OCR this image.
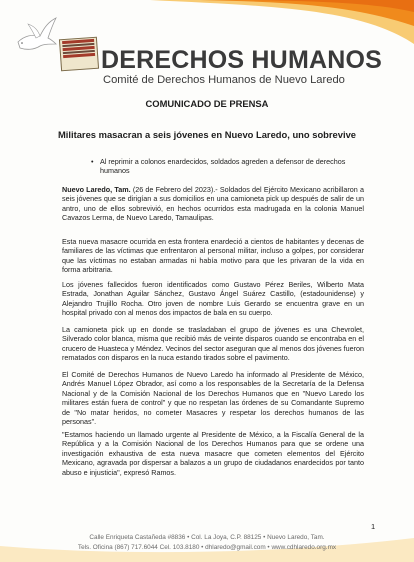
DERECHOS HUMANOS

Comité de Derechos Humanos de Nuevo Laredo

COMUNICADO DE PRENSA
Militares masacran a seis jóvenes en Nuevo Laredo, uno sobrevive

• Al reprimir a colonos enardecidos, soldados agreden a defensor de derechos humanos

Nuevo Laredo, Tam. (26 de Febrero del 2023).- Soldados del Ejército Mexicano acribillaron a seis jóvenes que se dirigían a sus domicilios en una camioneta pick up después de salir de un antro, uno de ellos sobrevivió, en hechos ocurridos esta madrugada en la colonia Manuel Cavazos Lerma, de Nuevo Laredo, Tamaulipas.

Esta nueva masacre ocurrida en esta frontera enardeció a cientos de habitantes y decenas de familiares de las víctimas que enfrentaron al personal militar, incluso a golpes, por considerar que las víctimas no estaban armadas ni había motivo para que les privaran de la vida en forma arbitraria.

Los jóvenes fallecidos fueron identificados como Gustavo Pérez Beriles, Wilberto Mata Estrada, Jonathan Aguilar Sánchez, Gustavo Ángel Suárez Castillo, (estadounidense) y Alejandro Trujillo Rocha. Otro joven de nombre Luis Gerardo se encuentra grave en un hospital privado con al menos dos impactos de bala en su cuerpo.

La camioneta pick up en donde se trasladaban el grupo de jóvenes es una Chevrolet, Silverado color blanca, misma que recibió más de veinte disparos cuando se encontraba en el crucero de Huasteca y Méndez. Vecinos del sector aseguran que al menos dos jóvenes fueron rematados con disparos en la nuca estando tirados sobre el pavimento.

El Comité de Derechos Humanos de Nuevo Laredo ha informado al Presidente de México, Andrés Manuel López Obrador, así como a los responsables de la Secretaría de la Defensa Nacional y de la Comisión Nacional de los Derechos Humanos que en "Nuevo Laredo los militares están fuera de control" y que no respetan las órdenes de su Comandante Supremo de "No matar heridos, no cometer Masacres y respetar los derechos humanos de las personas".

"Estamos haciendo un llamado urgente al Presidente de México, a la Fiscalía General de la República y a la Comisión Nacional de los Derechos Humanos para que se ordene una investigación exhaustiva de esta nueva masacre que cometen elementos del Ejército Mexicano, agravada por dispersar a balazos a un grupo de ciudadanos enardecidos por tanto abuso e injusticia", expresó Ramos.

1

Calle Enriqueta Castañeda #8836 • Col. La Joya, C.P. 88125 • Nuevo Laredo, Tam.

Tels. Oficina (867) 717.6044 Cel. 103.8180 • dhlaredo@gmail.com • www.cdhlaredo.org.mx
